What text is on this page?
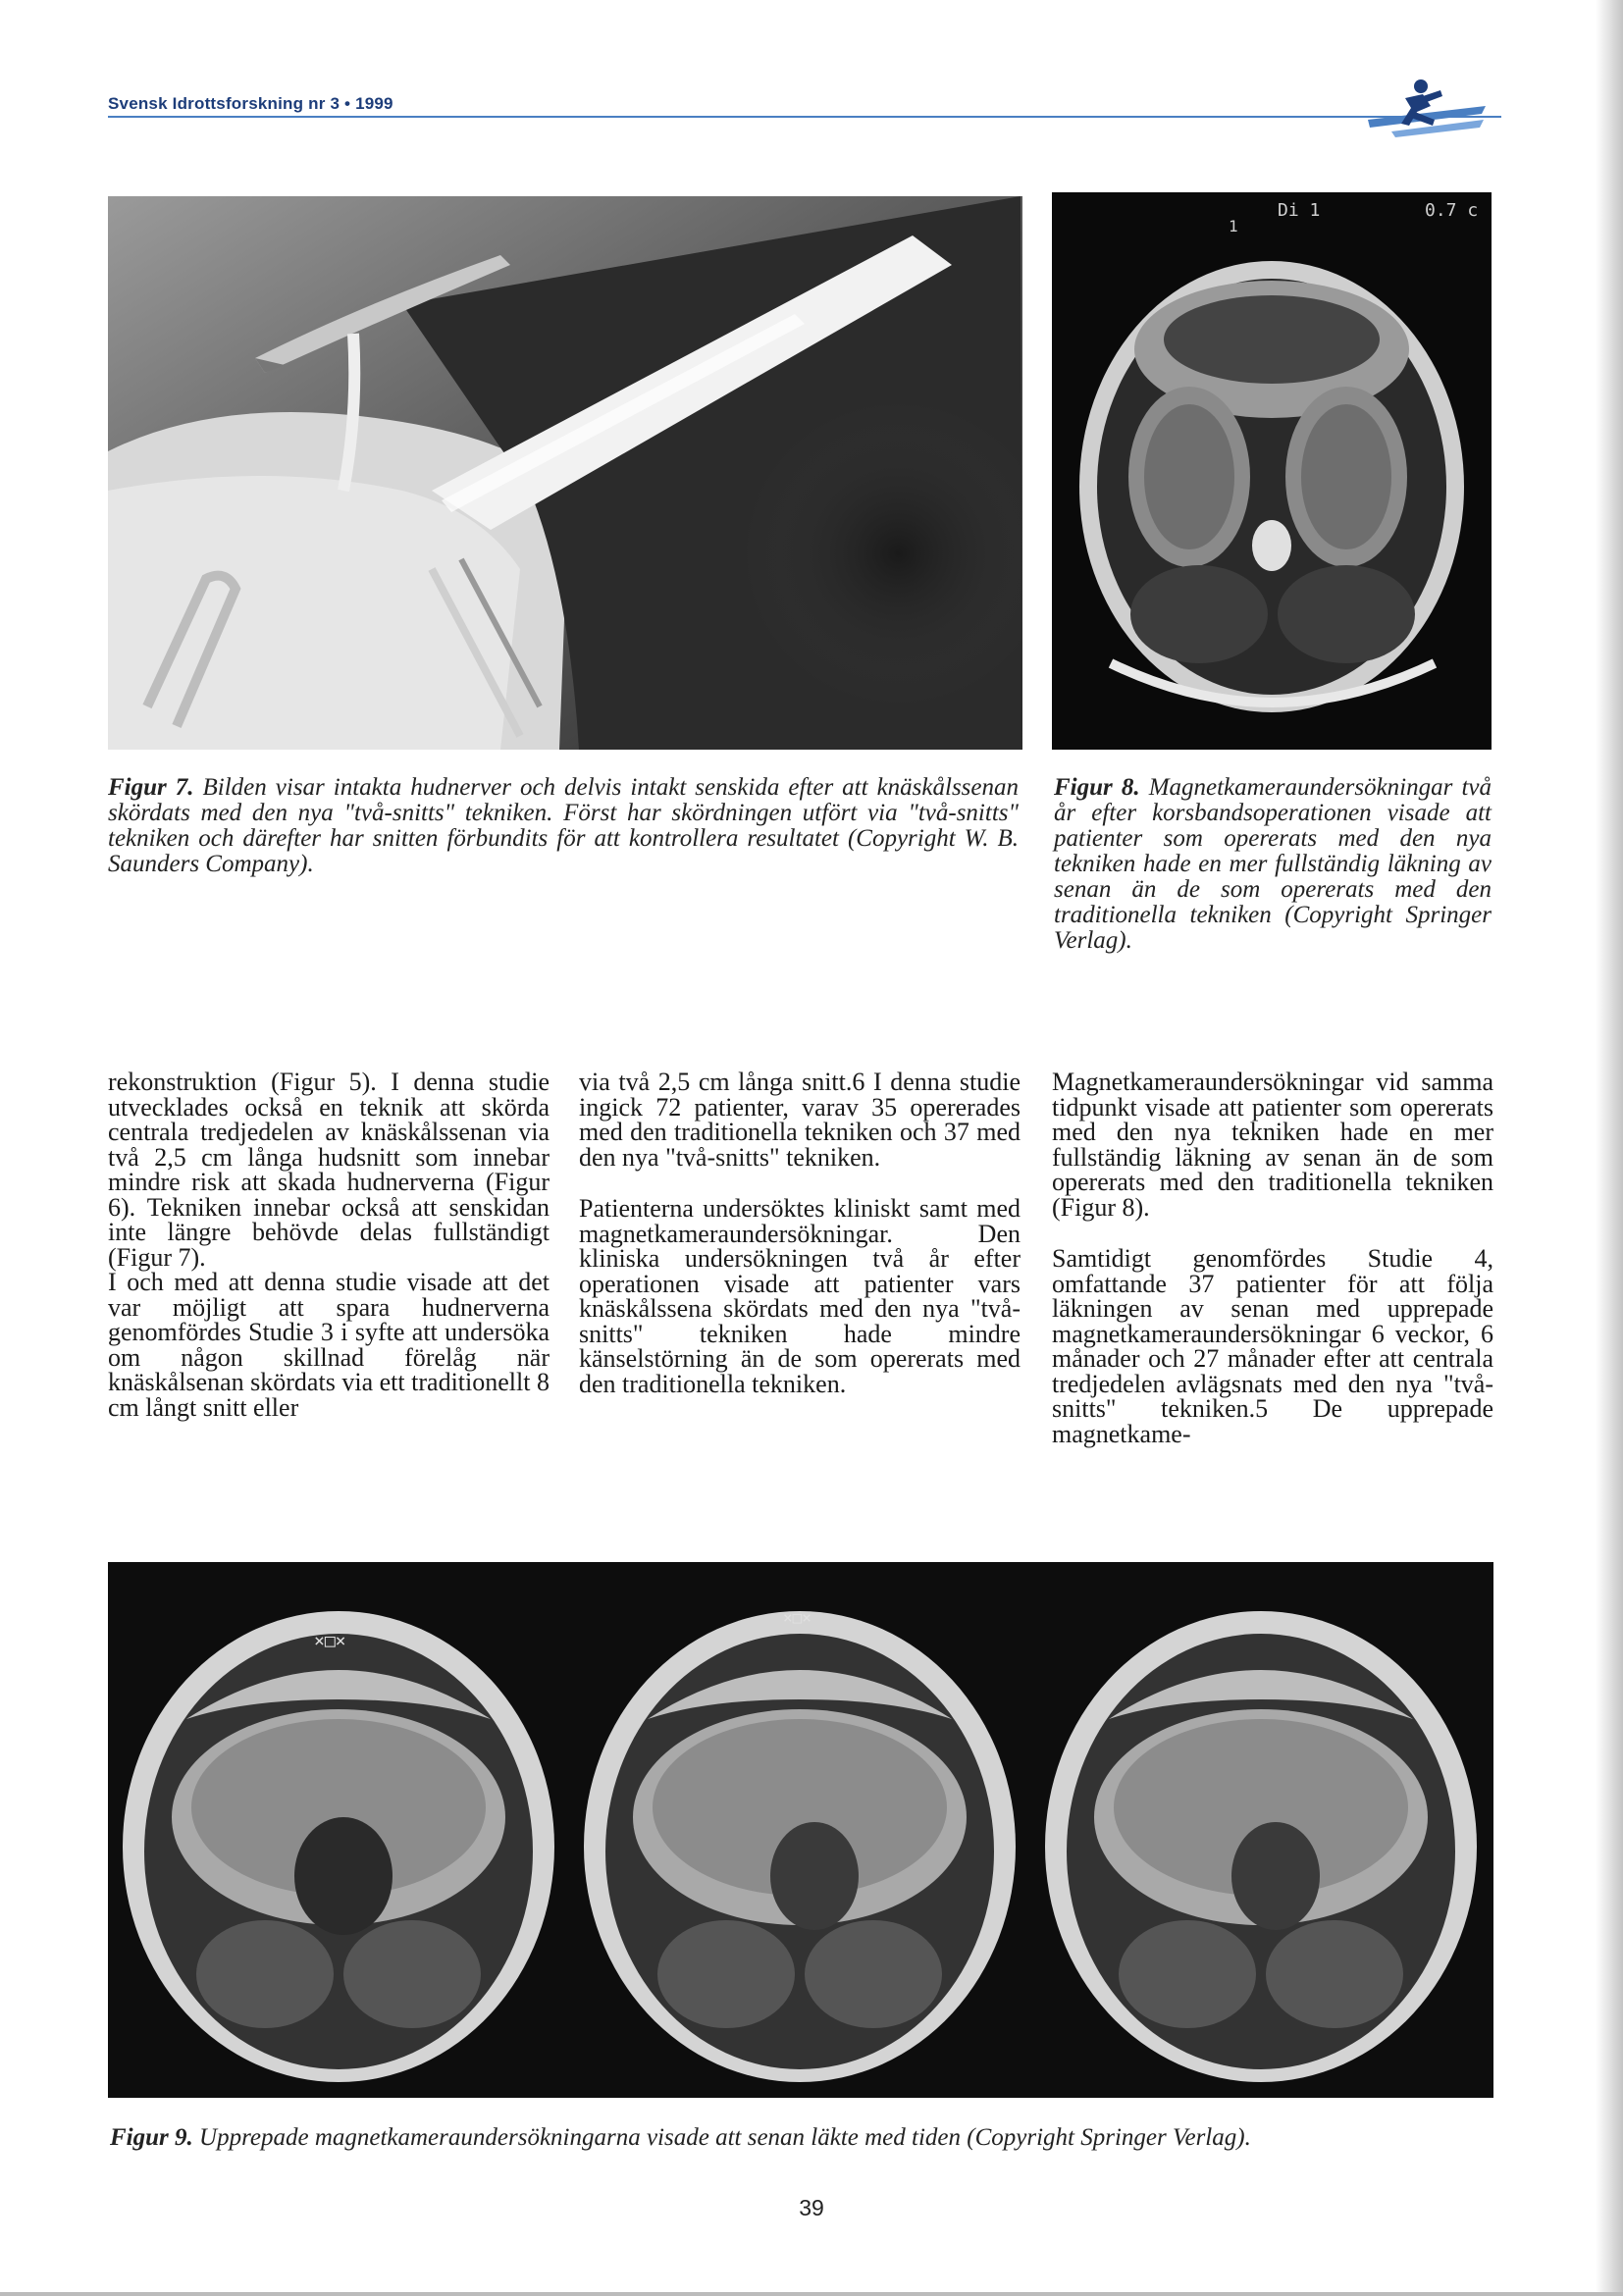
Svensk Idrottsforskning nr 3 • 1999
Di 1	0.7 c
1
Figur 7. Bilden visar intakta hudnerver och delvis intakt senskida efter att knäskålssenan skördats med den nya "två-snitts" tekniken. Först har skördningen utfört via "två-snitts" tekniken och därefter har snitten förbundits för att kontrollera resultatet (Copyright W. B. Saunders Company).
Figur 8. Magnetkameraundersökningar två år efter korsbandsoperationen visade att patienter som opererats med den nya tekniken hade en mer fullständig läkning av senan än de som opererats med den traditionella tekniken (Copyright Springer Verlag).

rekonstruktion (Figur 5). I denna studie utvecklades också en teknik att skörda centrala tredjedelen av knäskålssenan via två 2,5 cm långa hudsnitt som innebar mindre risk att skada hudnerverna (Figur 6). Tekniken innebar också att senskidan inte längre behövde delas fullständigt (Figur 7).

I och med att denna studie visade att det var möjligt att spara hudnerverna genomfördes Studie 3 i syfte att undersöka om någon skillnad förelåg när knäskålsenan skördats via ett traditionellt 8 cm långt snitt eller

via två 2,5 cm långa snitt.6 I denna studie ingick 72 patienter, varav 35 opererades med den traditionella tekniken och 37 med den nya "två-snitts" tekniken.

Patienterna undersöktes kliniskt samt med magnetkameraundersökningar. Den kliniska undersökningen två år efter operationen visade att patienter vars knäskålssena skördats med den nya "två-snitts" tekniken hade mindre känselstörning än de som opererats med den traditionella tekniken.

Magnetkameraundersökningar vid samma tidpunkt visade att patienter som opererats med den nya tekniken hade en mer fullständig läkning av senan än de som opererats med den traditionella tekniken (Figur 8).

Samtidigt genomfördes Studie 4, omfattande 37 patienter för att följa läkningen av senan med upprepade magnetkameraundersökningar 6 veckor, 6 månader och 27 månader efter att centrala tredjedelen avlägsnats med den nya "två-snitts" tekniken.5 De upprepade magnetkame-

×□×
×□×
Figur 9. Upprepade magnetkameraundersökningarna visade att senan läkte med tiden (Copyright Springer Verlag).
39
